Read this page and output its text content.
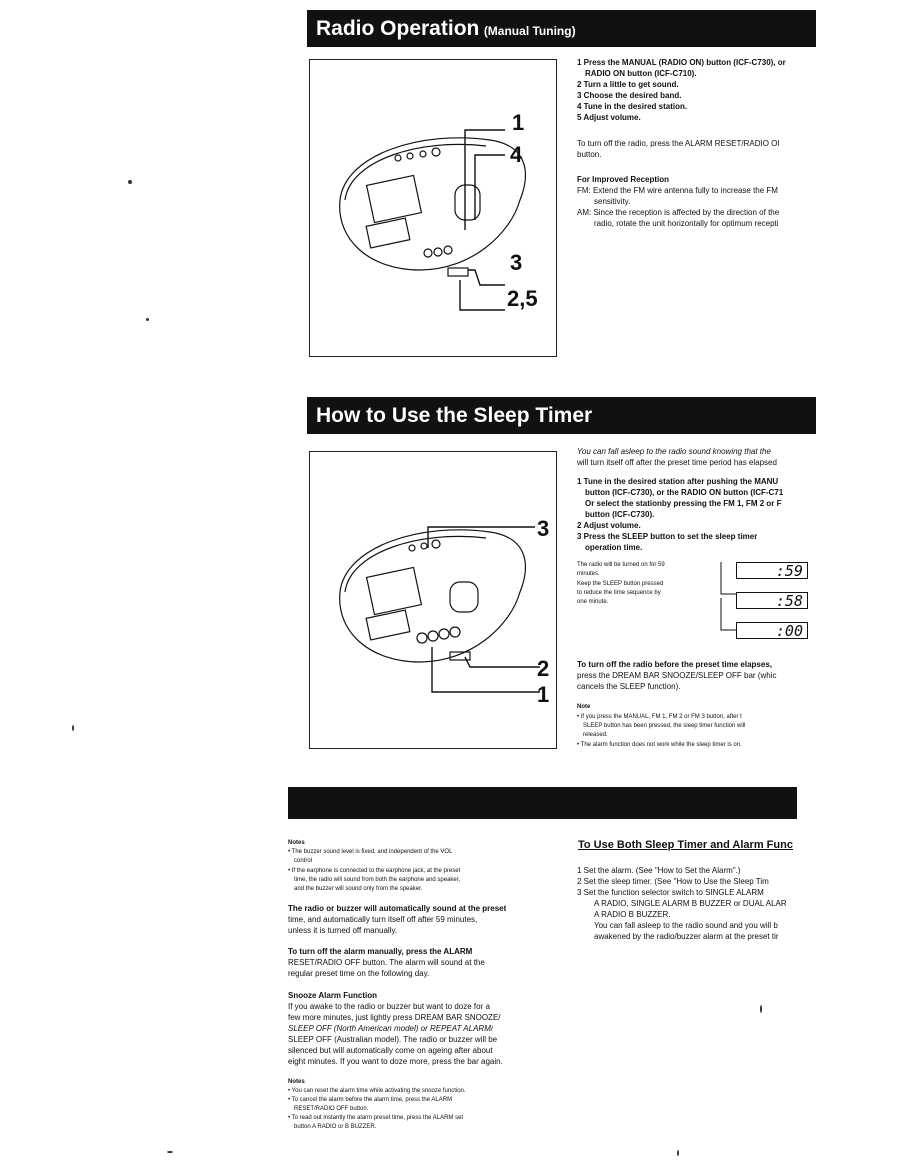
Radio Operation (Manual Tuning)
1
4
3
2,5
1 Press the MANUAL (RADIO ON) button (ICF-C730), or
RADIO ON button (ICF-C710).
2 Turn a little to get sound.
3 Choose the desired band.
4 Tune in the desired station.
5 Adjust volume.
To turn off the radio, press the ALARM RESET/RADIO OI
button.
For Improved Reception
FM: Extend the FM wire antenna fully to increase the FM
sensitivity.
AM: Since the reception is affected by the direction of the
radio, rotate the unit horizontally for optimum recepti
How to Use the Sleep Timer
3
2
1
You can fall asleep to the radio sound knowing that the
will turn itself off after the preset time period has elapsed
1 Tune in the desired station after pushing the MANU
button (ICF-C730), or the RADIO ON button (ICF-C71
Or select the stationby pressing the FM 1, FM 2 or F
button (ICF-C730).
2 Adjust volume.
3 Press the SLEEP button to set the sleep timer
operation time.
The radio will be turned on for 59
minutes.
Keep the SLEEP button pressed
to reduce the time sequence by
one minute.
:59
:58
:00
To turn off the radio before the preset time elapses,
press the DREAM BAR SNOOZE/SLEEP OFF bar (whic
cancels the SLEEP function).
Note
• If you press the MANUAL, FM 1, FM 2 or FM 3 button, after t
SLEEP button has been pressed, the sleep timer function will
released.
• The alarm function does not work while the sleep timer is on.
Notes
• The buzzer sound level is fixed, and independent of the VOL
control
• If the earphone is connected to the earphone jack, at the preset
time, the radio will sound from both the earphone and speaker,
and the buzzer will sound only from the speaker.
The radio or buzzer will automatically sound at the preset
time, and automatically turn itself off after 59 minutes,
unless it is turned off manually.
To turn off the alarm manually, press the ALARM
RESET/RADIO OFF button. The alarm will sound at the
regular preset time on the following day.
Snooze Alarm Function
If you awake to the radio or buzzer but want to doze for a
few more minutes, just lightly press DREAM BAR SNOOZE/
SLEEP OFF (North American model) or REPEAT ALARM/
SLEEP OFF (Australian model). The radio or buzzer will be
silenced but will automatically come on ageing after about
eight minutes. If you want to doze more, press the bar again.
Notes
• You can reset the alarm time while activating the snooze function.
• To cancel the alarm before the alarm time, press the ALARM
RESET/RADIO OFF button.
• To read out instantly the alarm preset time, press the ALARM set
button A RADIO or B BUZZER.
To Use Both Sleep Timer and Alarm Func
1 Set the alarm. (See "How to Set the Alarm".)
2 Set the sleep timer. (See "How to Use the Sleep Tim
3 Set the function selector switch to SINGLE ALARM
A RADIO, SINGLE ALARM B BUZZER or DUAL ALAR
A RADIO B BUZZER.
You can fall asleep to the radio sound and you will b
awakened by the radio/buzzer alarm at the preset tir
